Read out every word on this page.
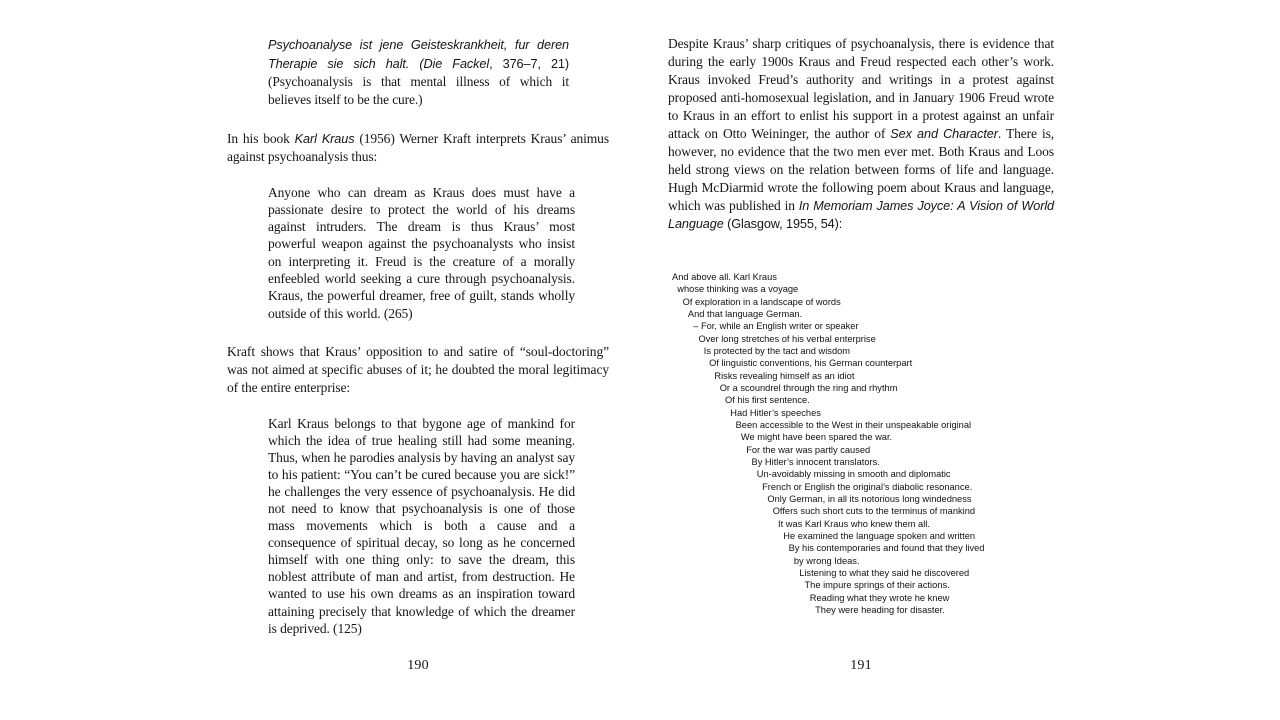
Psychoanalyse ist jene Geisteskrankheit, fur deren Therapie sie sich halt. (Die Fackel, 376–7, 21) (Psychoanalysis is that mental illness of which it believes itself to be the cure.)

In his book Karl Kraus (1956) Werner Kraft interprets Kraus’ animus against psychoanalysis thus:

Anyone who can dream as Kraus does must have a passionate desire to protect the world of his dreams against intruders. The dream is thus Kraus’ most powerful weapon against the psychoanalysts who insist on interpreting it. Freud is the creature of a morally enfeebled world seeking a cure through psychoanalysis. Kraus, the powerful dreamer, free of guilt, stands wholly outside of this world. (265)

Kraft shows that Kraus’ opposition to and satire of “soul-doctoring” was not aimed at specific abuses of it; he doubted the moral legitimacy of the entire enterprise:

Karl Kraus belongs to that bygone age of mankind for which the idea of true healing still had some meaning. Thus, when he parodies analysis by having an analyst say to his patient: “You can’t be cured because you are sick!” he challenges the very essence of psychoanalysis. He did not need to know that psychoanalysis is one of those mass movements which is both a cause and a consequence of spiritual decay, so long as he concerned himself with one thing only: to save the dream, this noblest attribute of man and artist, from destruction. He wanted to use his own dreams as an inspiration toward attaining precisely that knowledge of which the dreamer is deprived. (125)

190

Despite Kraus’ sharp critiques of psychoanalysis, there is evidence that during the early 1900s Kraus and Freud respected each other’s work. Kraus invoked Freud’s authority and writings in a protest against proposed anti-homosexual legislation, and in January 1906 Freud wrote to Kraus in an effort to enlist his support in a protest against an unfair attack on Otto Weininger, the author of Sex and Character. There is, however, no evidence that the two men ever met. Both Kraus and Loos held strong views on the relation between forms of life and language. Hugh McDiarmid wrote the following poem about Kraus and language, which was published in In Memoriam James Joyce: A Vision of World Language (Glasgow, 1955, 54):

And above all. Karl Kraus
whose thinking was a voyage
Of exploration in a landscape of words
And that language German.
– For, while an English writer or speaker
Over long stretches of his verbal enterprise
Is protected by the tact and wisdom
Of linguistic conventions, his German counterpart
Risks revealing himself as an idiot
Or a scoundrel through the ring and rhythm
Of his first sentence.
Had Hitler’s speeches
Been accessible to the West in their unspeakable original
We might have been spared the war.
For the war was partly caused
By Hitler’s innocent translators.
Un-avoidably missing in smooth and diplomatic
French or English the original’s diabolic resonance.
Only German, in all its notorious long windedness
Offers such short cuts to the terminus of mankind
It was Karl Kraus who knew them all.
He examined the language spoken and written
By his contemporaries and found that they lived
by wrong Ideas.
Listening to what they said he discovered
The impure springs of their actions.
Reading what they wrote he knew
They were heading for disaster.
191
